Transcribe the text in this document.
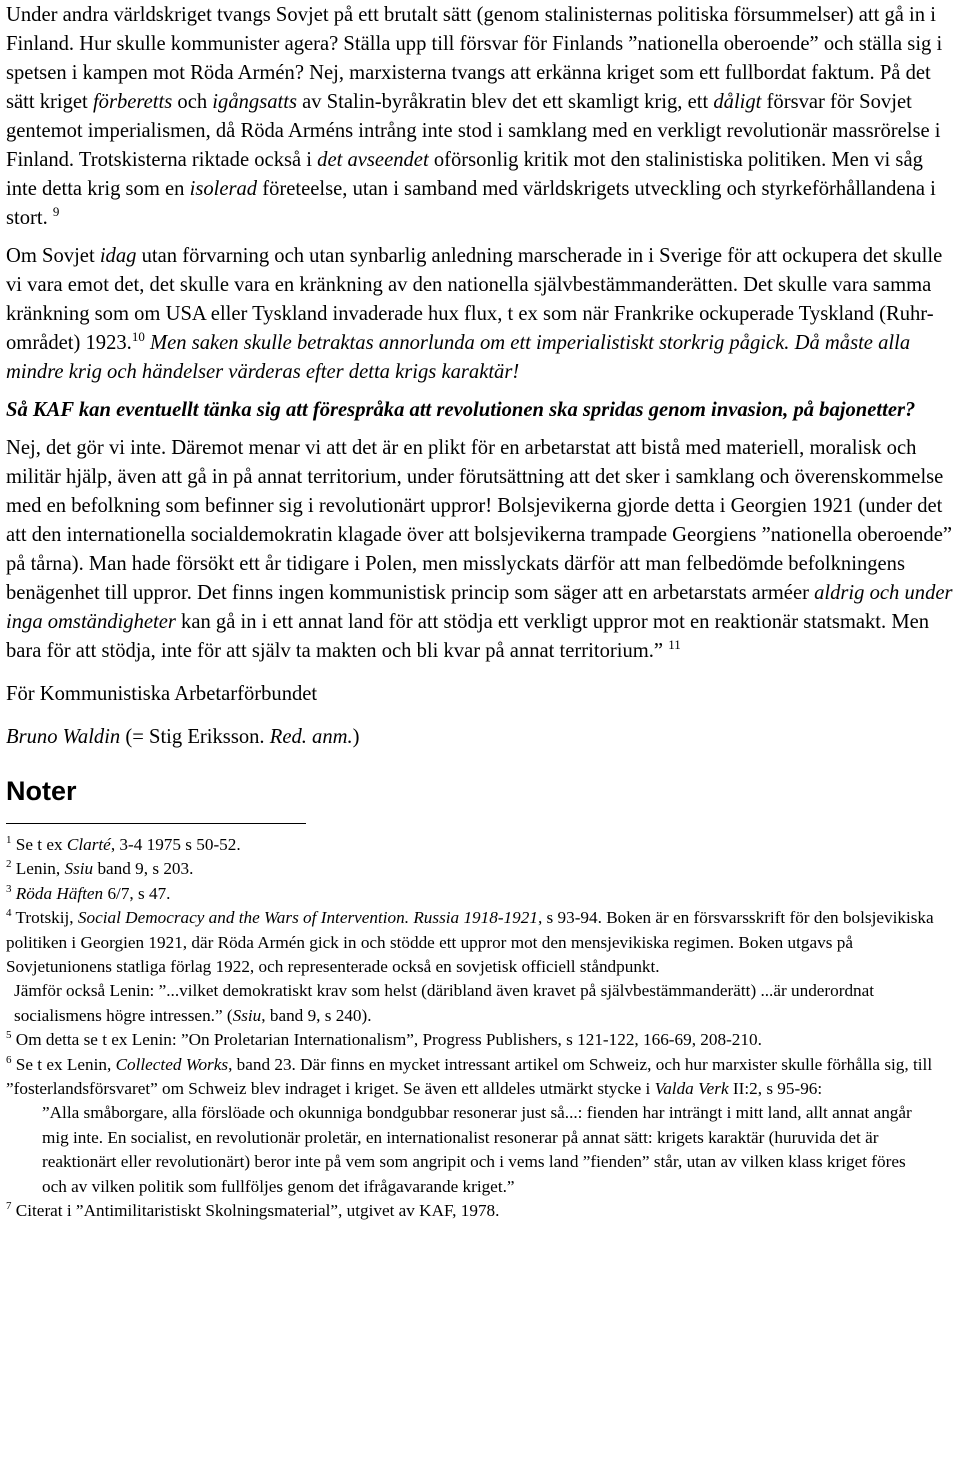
Under andra världskriget tvangs Sovjet på ett brutalt sätt (genom stalinisternas politiska försummelser) att gå in i Finland. Hur skulle kommunister agera? Ställa upp till försvar för Finlands ”nationella oberoende” och ställa sig i spetsen i kampen mot Röda Armén? Nej, marxisterna tvangs att erkänna kriget som ett fullbordat faktum. På det sätt kriget förberetts och igångsatts av Stalin-byråkratin blev det ett skamligt krig, ett dåligt försvar för Sovjet gentemot imperialismen, då Röda Arméns intrång inte stod i samklang med en verkligt revolutionär massrörelse i Finland. Trotskisterna riktade också i det avseendet oförsonlig kritik mot den stalinistiska politiken. Men vi såg inte detta krig som en isolerad företeelse, utan i samband med världskrigets utveckling och styrkeförhållandena i stort. $^9$

Om Sovjet idag utan förvarning och utan synbarlig anledning marscherade in i Sverige för att ockupera det skulle vi vara emot det, det skulle vara en kränkning av den nationella självbestämmanderätten. Det skulle vara samma kränkning som om USA eller Tyskland invaderade hux flux, t ex som när Frankrike ockuperade Tyskland (Ruhr-området) 1923.10 Men saken skulle betraktas annorlunda om ett imperialistiskt storkrig pågick. Då måste alla mindre krig och händelser värderas efter detta krigs karaktär!

Så KAF kan eventuellt tänka sig att förespråka att revolutionen ska spridas genom invasion, på bajonetter?

Nej, det gör vi inte. Däremot menar vi att det är en plikt för en arbetarstat att bistå med materiell, moralisk och militär hjälp, även att gå in på annat territorium, under förutsättning att det sker i samklang och överenskommelse med en befolkning som befinner sig i revolutionärt uppror! Bolsjevikerna gjorde detta i Georgien 1921 (under det att den internationella socialdemokratin klagade över att bolsjevikerna trampade Georgiens ”nationella oberoende” på tårna). Man hade försökt ett år tidigare i Polen, men misslyckats därför att man felbedömde befolkningens benägenhet till uppror. Det finns ingen kommunistisk princip som säger att en arbetarstats arméer aldrig och under inga omständigheter kan gå in i ett annat land för att stödja ett verkligt uppror mot en reaktionär statsmakt. Men bara för att stödja, inte för att själv ta makten och bli kvar på annat territorium.” $^{11}$

För Kommunistiska Arbetarförbundet

Bruno Waldin (= Stig Eriksson. Red. anm.)

Noter

$^1$ Se t ex Clarté, 3-4 1975 s 50-52.

$^2$ Lenin, Ssiu band 9, s 203.

$^3$ Röda Häften 6/7, s 47.

$^4$ Trotskij, Social Democracy and the Wars of Intervention. Russia 1918-1921, s 93-94. Boken är en försvarsskrift för den bolsjevikiska politiken i Georgien 1921, där Röda Armén gick in och stödde ett uppror mot den mensjevikiska regimen. Boken utgavs på Sovjetunionens statliga förlag 1922, och representerade också en sovjetisk officiell ståndpunkt.

Jämför också Lenin: ”...vilket demokratiskt krav som helst (däribland även kravet på självbestämmanderätt) ...är underordnat socialismens högre intressen.” (Ssiu, band 9, s 240).

$^5$ Om detta se t ex Lenin: ”On Proletarian Internationalism”, Progress Publishers, s 121-122, 166-69, 208-210.

$^6$ Se t ex Lenin, Collected Works, band 23. Där finns en mycket intressant artikel om Schweiz, och hur marxister skulle förhålla sig, till ”fosterlandsförsvaret” om Schweiz blev indraget i kriget. Se även ett alldeles utmärkt stycke i Valda Verk II:2, s 95-96:

”Alla småborgare, alla förslöade och okunniga bondgubbar resonerar just så...: fienden har inträngt i mitt land, allt annat angår mig inte. En socialist, en revolutionär proletär, en internationalist resonerar på annat sätt: krigets karaktär (huruvida det är reaktionärt eller revolutionärt) beror inte på vem som angripit och i vems land ”fienden” står, utan av vilken klass kriget föres och av vilken politik som fullföljes genom det ifrågavarande kriget.”

$^7$ Citerat i ”Antimilitaristiskt Skolningsmaterial”, utgivet av KAF, 1978.
